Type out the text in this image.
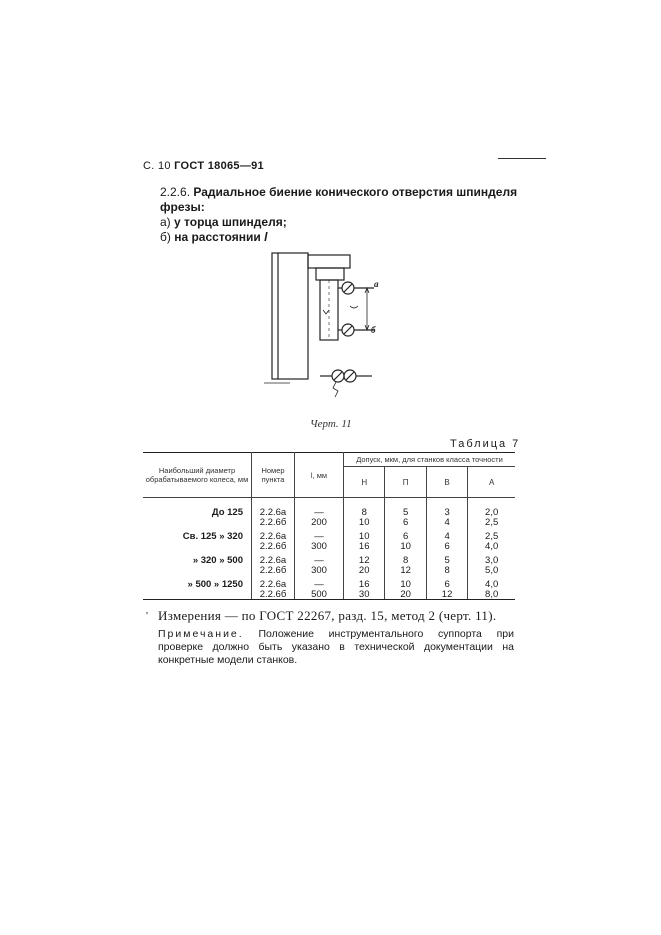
С. 10 ГОСТ 18065—91
2.2.6. Радиальное биение конического отверстия шпинделя фрезы:
а) у торца шпинделя;
б) на расстоянии l
а
б
Черт. 11
Таблица 7
Наибольший диаметр обрабатываемого колеса, мм	Номер пункта	l, мм	Допуск, мкм, для станков класса точности			
			Н	П	В	А

До 125	2.2.6а	—	8	5	3	2,0
	2.2.6б	200	10	6	4	2,5
Св. 125 » 320	2.2.6а	—	10	6	4	2,5
	2.2.6б	300	16	10	6	4,0
» 320 » 500	2.2.6а	—	12	8	5	3,0
	2.2.6б	300	20	12	8	5,0
» 500 » 1250	2.2.6а	—	16	10	6	4,0
	2.2.6б	500	30	20	12	8,0
' Измерения — по ГОСТ 22267, разд. 15, метод 2 (черт. 11).
Примечание. Положение инструментального суппорта при проверке должно быть указано в технической документации на конкретные модели станков.
